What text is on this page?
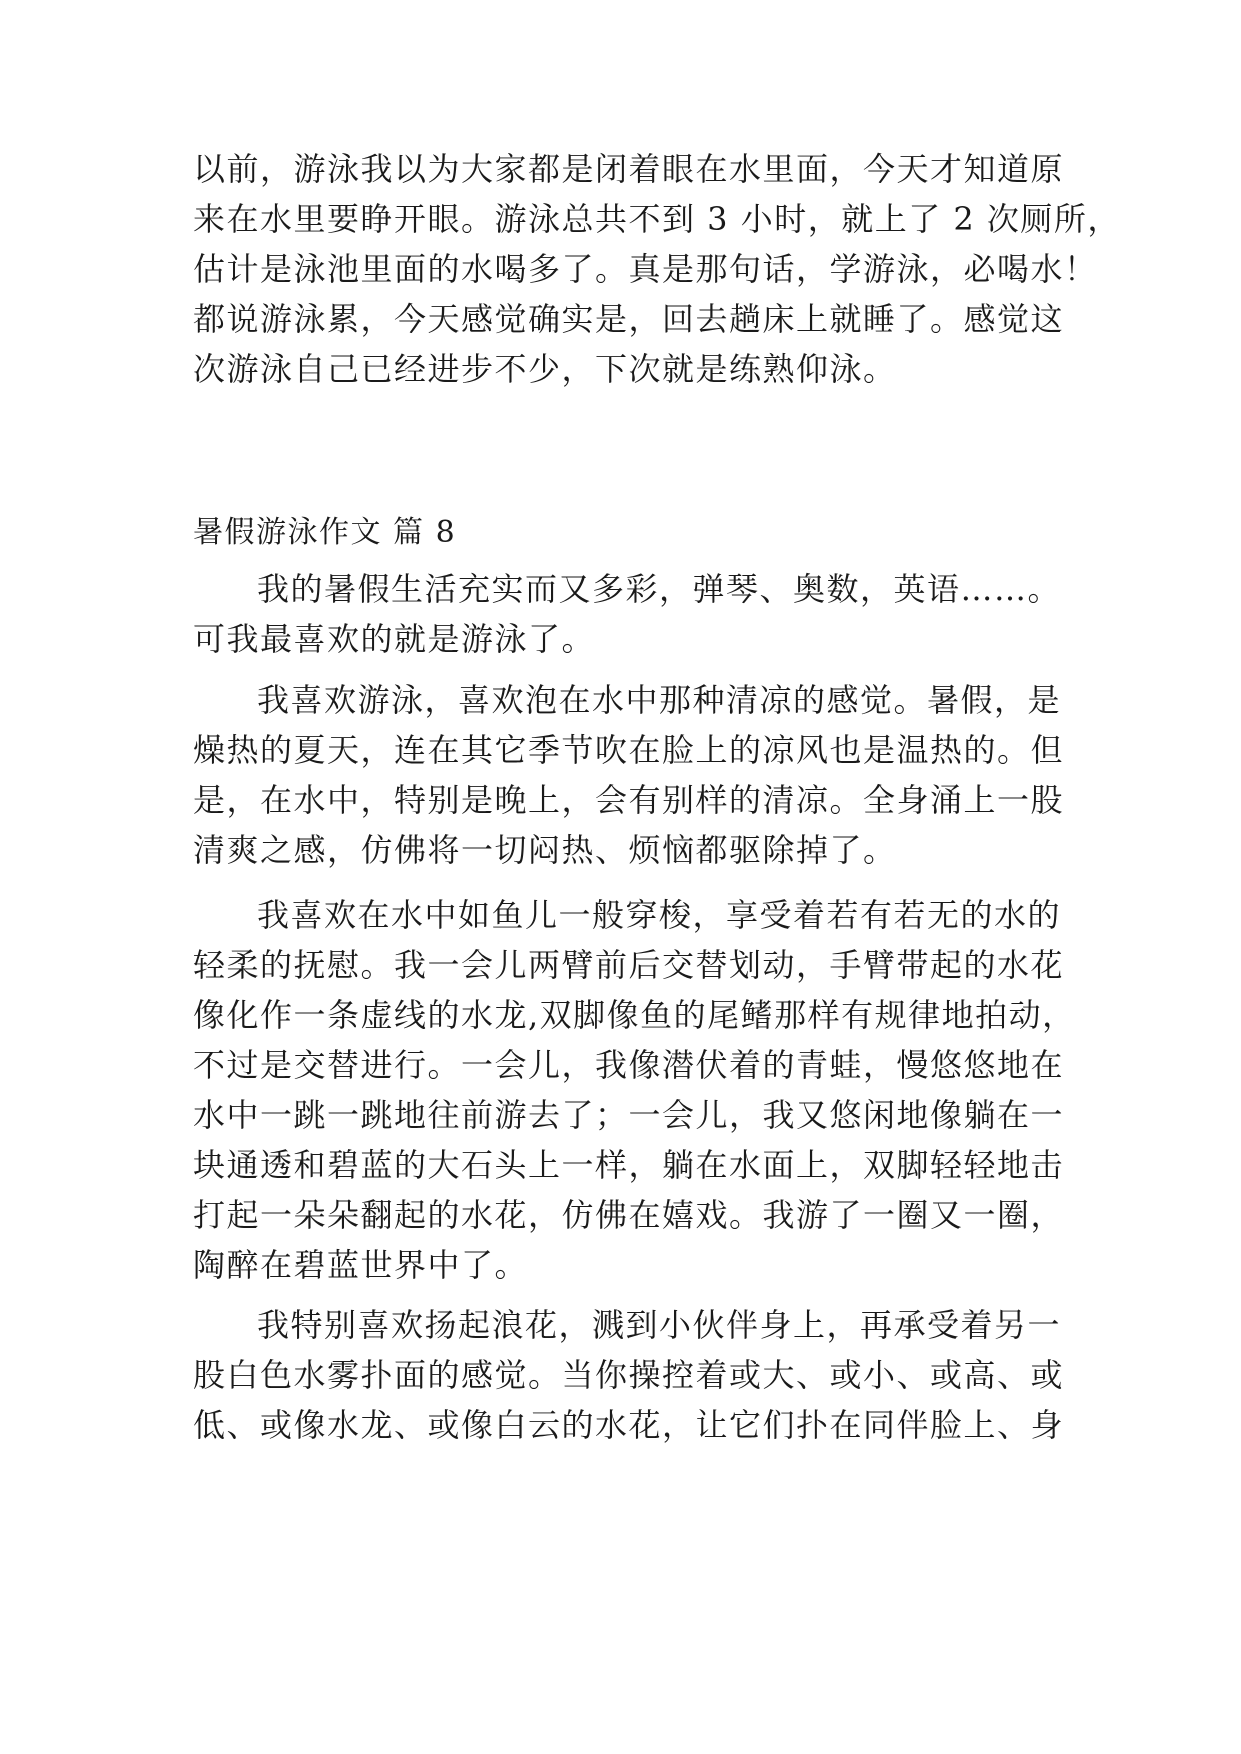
以前，游泳我以为大家都是闭着眼在水里面，今天才知道原
来在水里要睁开眼。游泳总共不到 3 小时，就上了 2 次厕所，
估计是泳池里面的水喝多了。真是那句话，学游泳，必喝水！
都说游泳累，今天感觉确实是，回去趟床上就睡了。感觉这
次游泳自己已经进步不少，下次就是练熟仰泳。
暑假游泳作文 篇 8
我的暑假生活充实而又多彩，弹琴、奥数，英语……。
可我最喜欢的就是游泳了。
我喜欢游泳，喜欢泡在水中那种清凉的感觉。暑假，是
燥热的夏天，连在其它季节吹在脸上的凉风也是温热的。但
是，在水中，特别是晚上，会有别样的清凉。全身涌上一股
清爽之感，仿佛将一切闷热、烦恼都驱除掉了。
我喜欢在水中如鱼儿一般穿梭，享受着若有若无的水的
轻柔的抚慰。我一会儿两臂前后交替划动，手臂带起的水花
像化作一条虚线的水龙,双脚像鱼的尾鳍那样有规律地拍动，
不过是交替进行。一会儿，我像潜伏着的青蛙，慢悠悠地在
水中一跳一跳地往前游去了；一会儿，我又悠闲地像躺在一
块通透和碧蓝的大石头上一样，躺在水面上，双脚轻轻地击
打起一朵朵翻起的水花，仿佛在嬉戏。我游了一圈又一圈，
陶醉在碧蓝世界中了。
我特别喜欢扬起浪花，溅到小伙伴身上，再承受着另一
股白色水雾扑面的感觉。当你操控着或大、或小、或高、或
低、或像水龙、或像白云的水花，让它们扑在同伴脸上、身
